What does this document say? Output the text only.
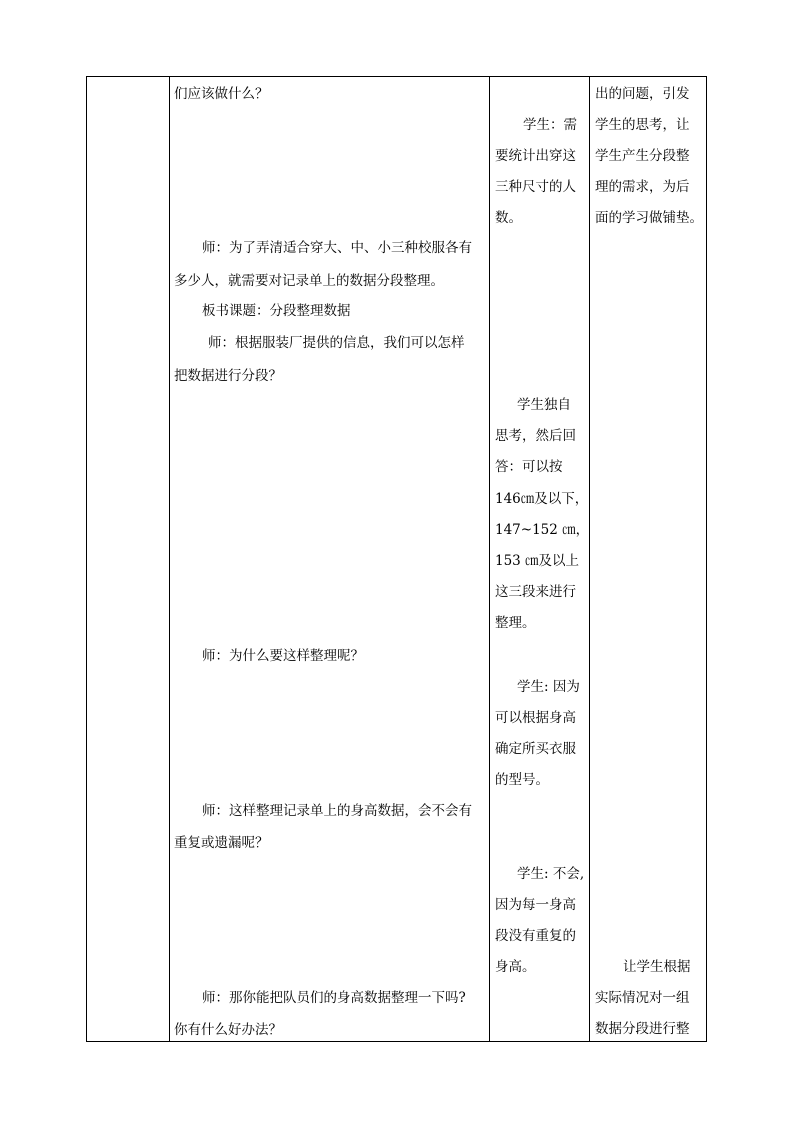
们应该做什么？
师：为了弄清适合穿大、中、小三种校服各有
多少人，就需要对记录单上的数据分段整理。
板书课题：分段整理数据
师：根据服装厂提供的信息，我们可以怎样
把数据进行分段？
师：为什么要这样整理呢？
师：这样整理记录单上的身高数据，会不会有
重复或遗漏呢？
师：那你能把队员们的身高数据整理一下吗?
你有什么好办法？
学生：需
要统计出穿这
三种尺寸的人
数。
学生独自
思考，然后回
答：可以按
146㎝及以下，
147~152 ㎝，
153 ㎝及以上
这三段来进行
整理。
学生: 因为
可以根据身高
确定所买衣服
的型号。
学生: 不会,
因为每一身高
段没有重复的
身高。
出的问题，引发
学生的思考，让
学生产生分段整
理的需求，为后
面的学习做铺垫。
让学生根据
实际情况对一组
数据分段进行整
